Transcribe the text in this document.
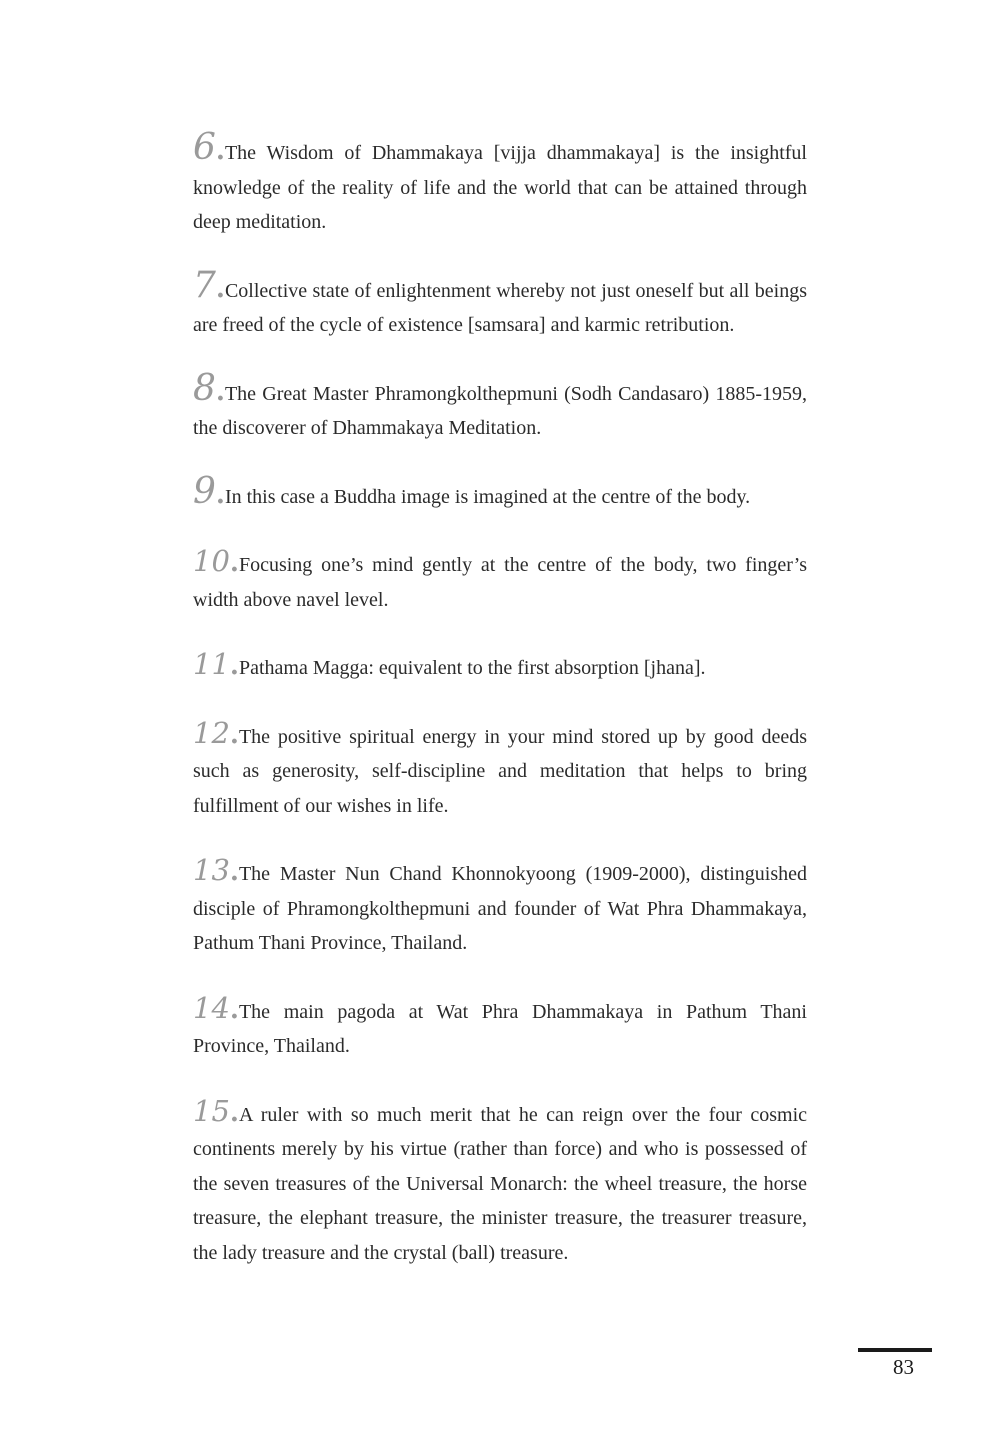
6.The Wisdom of Dhammakaya [vijja dhammakaya] is the insightful knowledge of the reality of life and the world that can be attained through deep meditation.

7.Collective state of enlightenment whereby not just oneself but all beings are freed of the cycle of existence [samsara] and karmic retribution.

8.The Great Master Phramongkolthepmuni (Sodh Candasaro) 1885-1959, the discoverer of Dhammakaya Meditation.

9.In this case a Buddha image is imagined at the centre of the body.

10.Focusing one’s mind gently at the centre of the body, two finger’s width above navel level.

11.Pathama Magga: equivalent to the first absorption [jhana].

12.The positive spiritual energy in your mind stored up by good deeds such as generosity, self-discipline and meditation that helps to bring fulfillment of our wishes in life.

13.The Master Nun Chand Khonnokyoong (1909-2000), distinguished disciple of Phramongkolthepmuni and founder of Wat Phra Dhammakaya, Pathum Thani Province, Thailand.

14.The main pagoda at Wat Phra Dhammakaya in Pathum Thani Province, Thailand.

15.A ruler with so much merit that he can reign over the four cosmic continents merely by his virtue (rather than force) and who is possessed of the seven treasures of the Universal Monarch: the wheel treasure, the horse treasure, the elephant treasure, the minister treasure, the treasurer treasure, the lady treasure and the crystal (ball) treasure.

83
